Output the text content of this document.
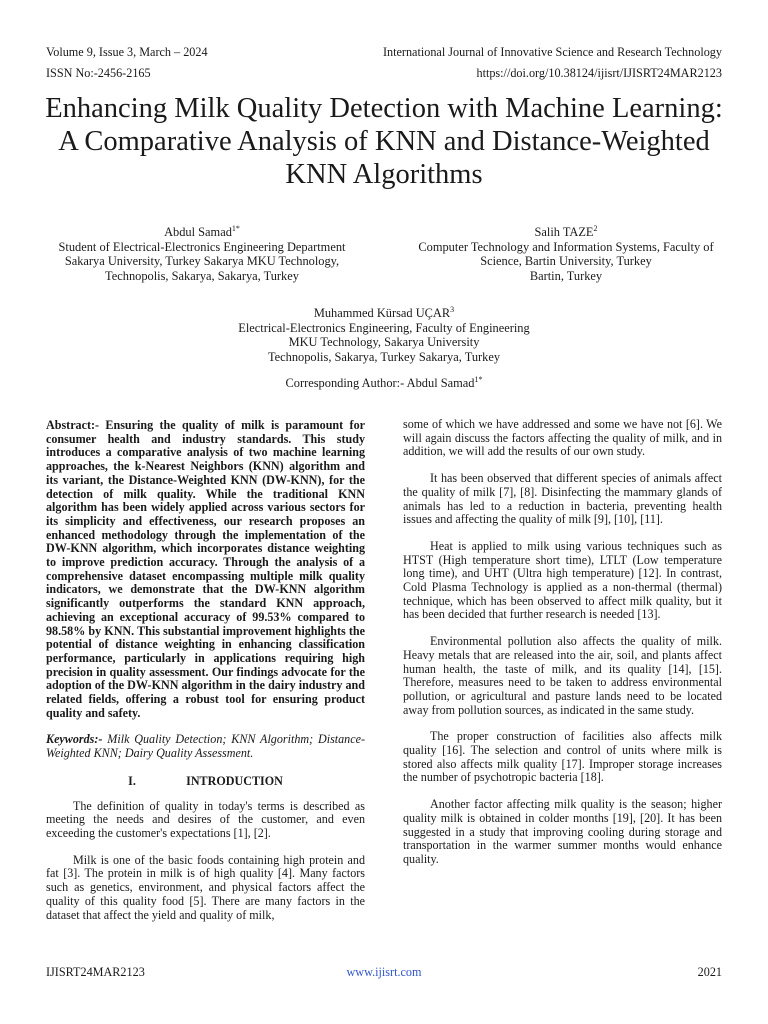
Volume 9, Issue 3, March – 2024	International Journal of Innovative Science and Research Technology
ISSN No:-2456-2165	https://doi.org/10.38124/ijisrt/IJISRT24MAR2123
Enhancing Milk Quality Detection with Machine Learning: A Comparative Analysis of KNN and Distance-Weighted KNN Algorithms
Abdul Samad$^{1*}$
Student of Electrical-Electronics Engineering Department
Sakarya University, Turkey Sakarya MKU Technology,
Technopolis, Sakarya, Sakarya, Turkey
Salih TAZE$^2$
Computer Technology and Information Systems, Faculty of
Science, Bartin University, Turkey
Bartin, Turkey
Muhammed Kürsad UÇAR$^3$
Electrical-Electronics Engineering, Faculty of Engineering
MKU Technology, Sakarya University
Technopolis, Sakarya, Turkey Sakarya, Turkey
Corresponding Author:- Abdul Samad$^{1*}$

Abstract:- Ensuring the quality of milk is paramount for consumer health and industry standards. This study introduces a comparative analysis of two machine learning approaches, the k-Nearest Neighbors (KNN) algorithm and its variant, the Distance-Weighted KNN (DW-KNN), for the detection of milk quality. While the traditional KNN algorithm has been widely applied across various sectors for its simplicity and effectiveness, our research proposes an enhanced methodology through the implementation of the DW-KNN algorithm, which incorporates distance weighting to improve prediction accuracy. Through the analysis of a comprehensive dataset encompassing multiple milk quality indicators, we demonstrate that the DW-KNN algorithm significantly outperforms the standard KNN approach, achieving an exceptional accuracy of 99.53% compared to 98.58% by KNN. This substantial improvement highlights the potential of distance weighting in enhancing classification performance, particularly in applications requiring high precision in quality assessment. Our findings advocate for the adoption of the DW-KNN algorithm in the dairy industry and related fields, offering a robust tool for ensuring product quality and safety.

Keywords:- Milk Quality Detection; KNN Algorithm; Distance-Weighted KNN; Dairy Quality Assessment.

I.	INTRODUCTION

The definition of quality in today's terms is described as meeting the needs and desires of the customer, and even exceeding the customer's expectations [1], [2].

Milk is one of the basic foods containing high protein and fat [3]. The protein in milk is of high quality [4]. Many factors such as genetics, environment, and physical factors affect the quality of this quality food [5]. There are many factors in the dataset that affect the yield and quality of milk,

some of which we have addressed and some we have not [6]. We will again discuss the factors affecting the quality of milk, and in addition, we will add the results of our own study.

It has been observed that different species of animals affect the quality of milk [7], [8]. Disinfecting the mammary glands of animals has led to a reduction in bacteria, preventing health issues and affecting the quality of milk [9], [10], [11].

Heat is applied to milk using various techniques such as HTST (High temperature short time), LTLT (Low temperature long time), and UHT (Ultra high temperature) [12]. In contrast, Cold Plasma Technology is applied as a non-thermal (thermal) technique, which has been observed to affect milk quality, but it has been decided that further research is needed [13].

Environmental pollution also affects the quality of milk. Heavy metals that are released into the air, soil, and plants affect human health, the taste of milk, and its quality [14], [15]. Therefore, measures need to be taken to address environmental pollution, or agricultural and pasture lands need to be located away from pollution sources, as indicated in the same study.

The proper construction of facilities also affects milk quality [16]. The selection and control of units where milk is stored also affects milk quality [17]. Improper storage increases the number of psychotropic bacteria [18].

Another factor affecting milk quality is the season; higher quality milk is obtained in colder months [19], [20]. It has been suggested in a study that improving cooling during storage and transportation in the warmer summer months would enhance quality.

IJISRT24MAR2123	www.ijisrt.com	2021
